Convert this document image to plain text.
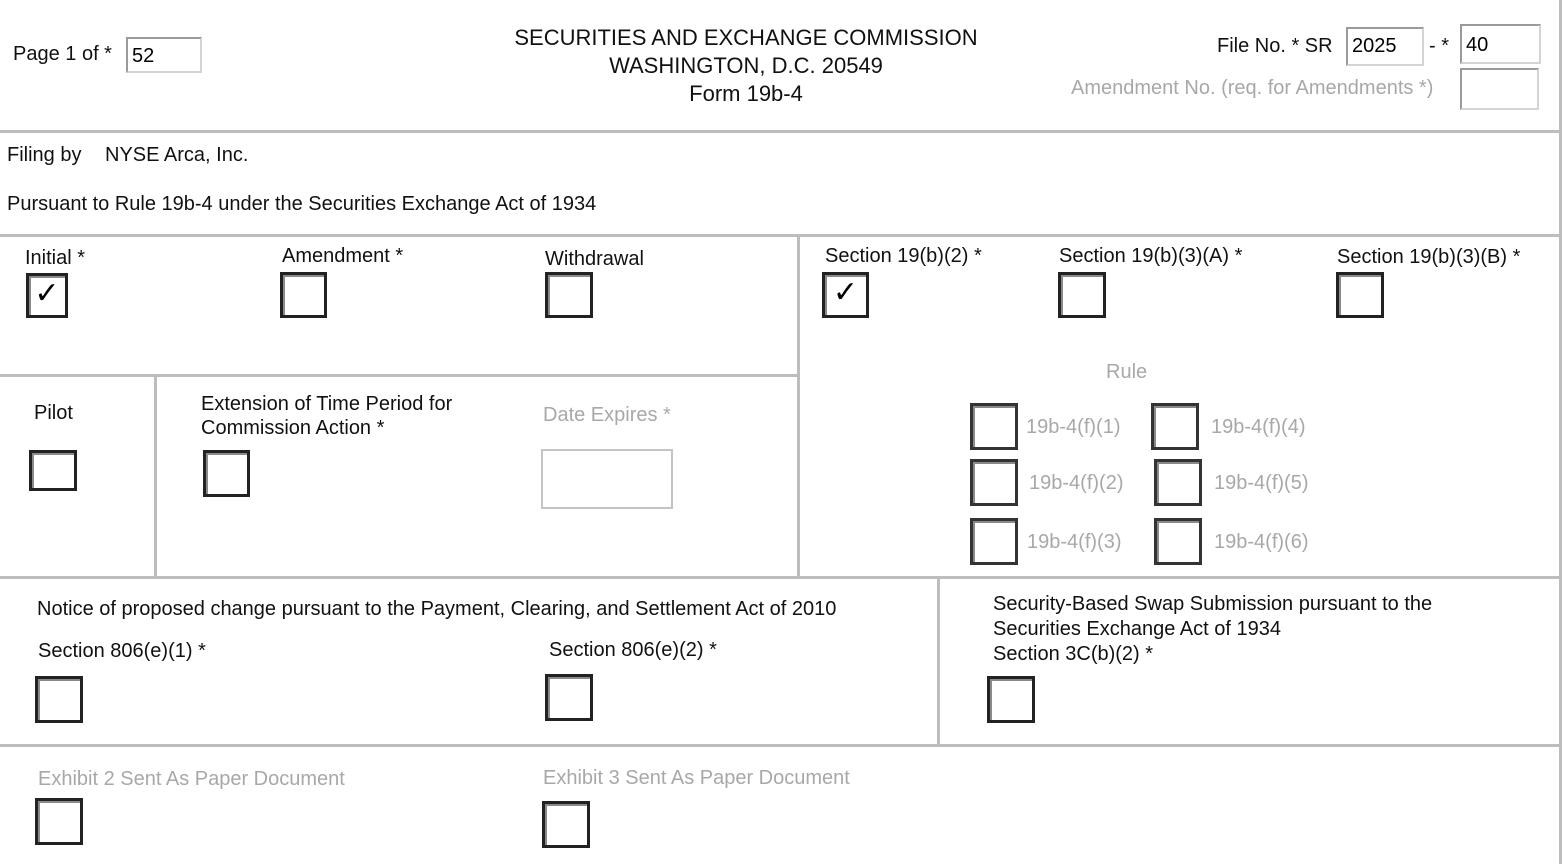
Page 1 of *	52
SECURITIES AND EXCHANGE COMMISSION
WASHINGTON, D.C. 20549
Form 19b-4
File No. * SR 2025	- * 40
Amendment No. (req. for Amendments *)
Filing by NYSE Arca, Inc.
Pursuant to Rule 19b-4 under the Securities Exchange Act of 1934
Initial *
✓
Amendment *	Withdrawal	Section 19(b)(2) *
✓
Section 19(b)(3)(A) *	Section 19(b)(3)(B) *
Pilot	Extension of Time Period for
Commission Action *
Date Expires *
Rule
19b-4(f)(1)	19b-4(f)(4)
19b-4(f)(2)	19b-4(f)(5)
19b-4(f)(3)	19b-4(f)(6)
Notice of proposed change pursuant to the Payment, Clearing, and Settlement Act of 2010
Section 806(e)(1) *	Section 806(e)(2) *
Security-Based Swap Submission pursuant to the
Securities Exchange Act of 1934
Section 3C(b)(2) *
Exhibit 2 Sent As Paper Document	Exhibit 3 Sent As Paper Document
